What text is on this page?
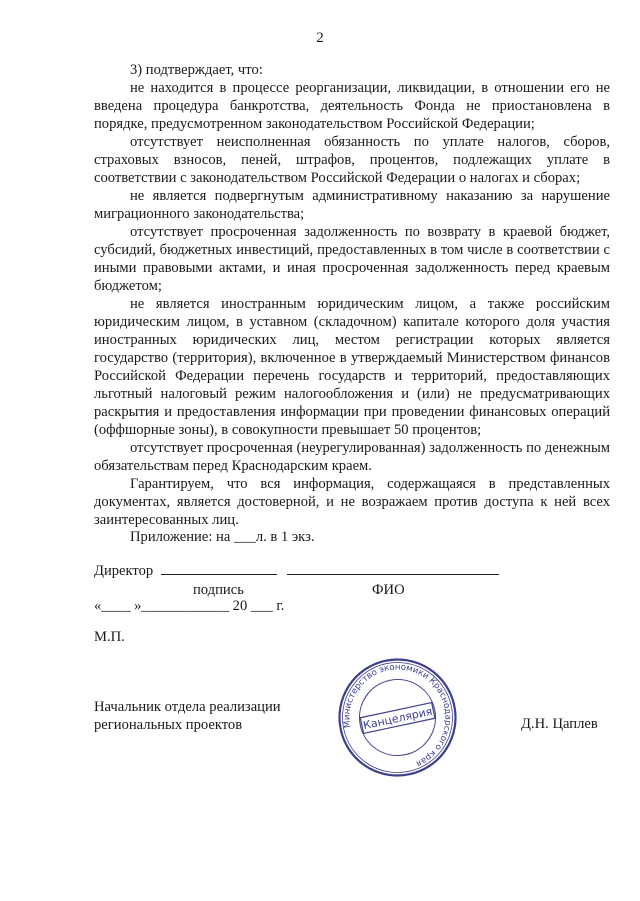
2

3) подтверждает, что:

не находится в процессе реорганизации, ликвидации, в отношении его не введена процедура банкротства, деятельность Фонда не приостановлена в порядке, предусмотренном законодательством Российской Федерации;

отсутствует неисполненная обязанность по уплате налогов, сборов, страховых взносов, пеней, штрафов, процентов, подлежащих уплате в соответствии с законодательством Российской Федерации о налогах и сборах;

не является подвергнутым административному наказанию за нарушение миграционного законодательства;

отсутствует просроченная задолженность по возврату в краевой бюджет, субсидий, бюджетных инвестиций, предоставленных в том числе в соответствии с иными правовыми актами, и иная просроченная задолженность перед краевым бюджетом;

не является иностранным юридическим лицом, а также российским юридическим лицом, в уставном (складочном) капитале которого доля участия иностранных юридических лиц, местом регистрации которых является государство (территория), включенное в утверждаемый Министерством финансов Российской Федерации перечень государств и территорий, предоставляющих льготный налоговый режим налогообложения и (или) не предусматривающих раскрытия и предоставления информации при проведении финансовых операций (оффшорные зоны), в совокупности превышает 50 процентов;

отсутствует просроченная (неурегулированная) задолженность по денежным обязательствам перед Краснодарским краем.

Гарантируем, что вся информация, содержащаяся в представленных документах, является достоверной, и не возражаем против доступа к ней всех заинтересованных лиц.

Приложение: на ___л. в 1 экз.
Директор
подпись	ФИО
«____ »____________ 20 ___ г.
М.П.
Начальник отдела реализации
региональных проектов	Д.Н. Цаплев
Министерство экономики Краснодарского края
Канцелярия
